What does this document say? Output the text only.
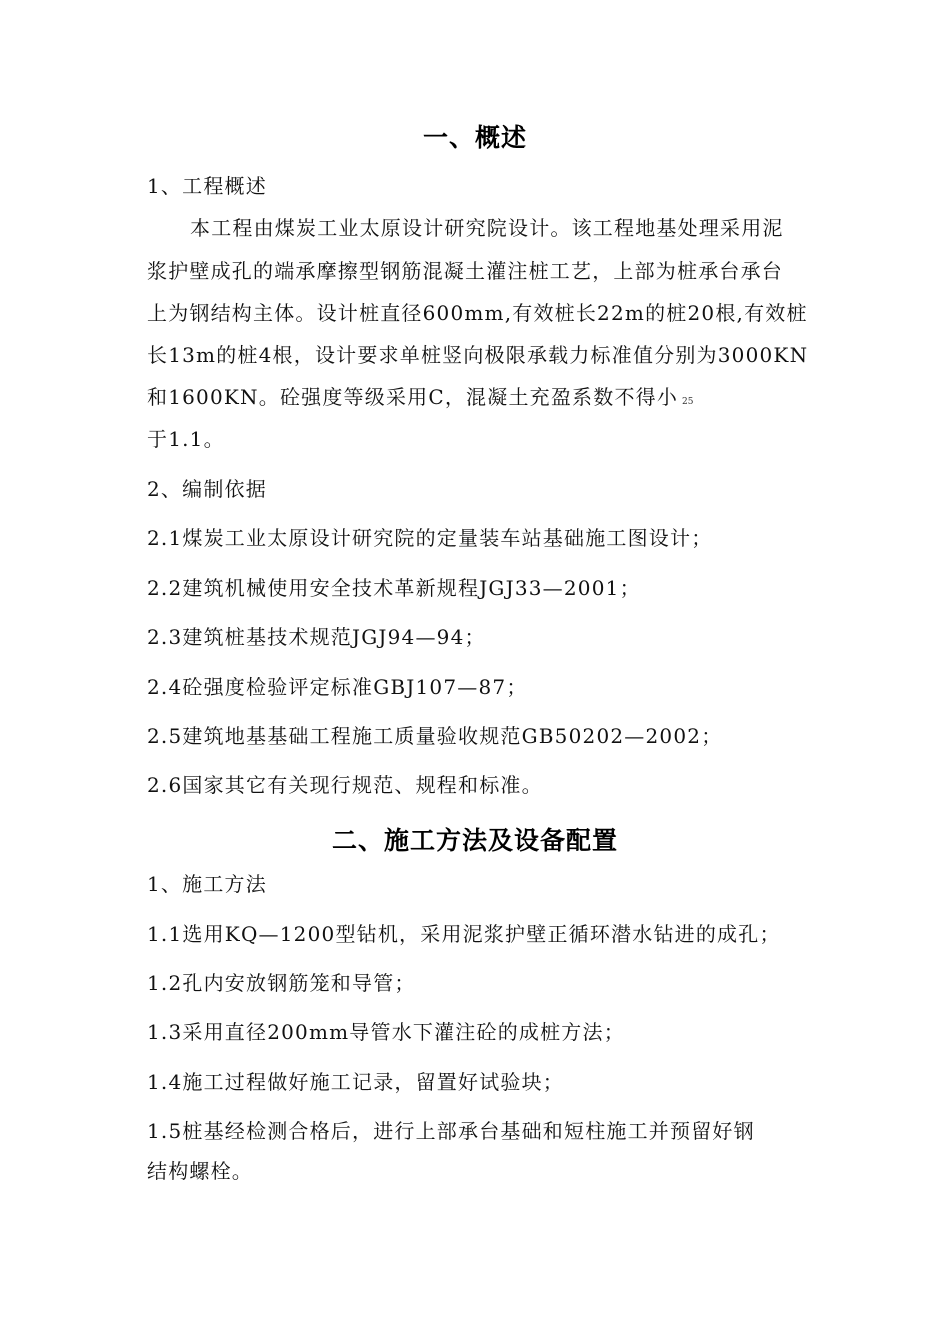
一、概述
1、工程概述
本工程由煤炭工业太原设计研究院设计。该工程地基处理采用泥
浆护壁成孔的端承摩擦型钢筋混凝土灌注桩工艺，上部为桩承台承台
上为钢结构主体。设计桩直径600mm,有效桩长22m的桩20根,有效桩
长13m的桩4根，设计要求单桩竖向极限承载力标准值分别为3000KN
和1600KN。砼强度等级采用C，混凝土充盈系数不得小 25
于1.1。
2、编制依据
2.1煤炭工业太原设计研究院的定量装车站基础施工图设计；
2.2建筑机械使用安全技术革新规程JGJ33—2001；
2.3建筑桩基技术规范JGJ94—94；
2.4砼强度检验评定标准GBJ107—87；
2.5建筑地基基础工程施工质量验收规范GB50202—2002；
2.6国家其它有关现行规范、规程和标准。
二、施工方法及设备配置
1、施工方法
1.1选用KQ—1200型钻机，采用泥浆护壁正循环潜水钻进的成孔；
1.2孔内安放钢筋笼和导管；
1.3采用直径200mm导管水下灌注砼的成桩方法；
1.4施工过程做好施工记录，留置好试验块；
1.5桩基经检测合格后，进行上部承台基础和短柱施工并预留好钢
结构螺栓。
